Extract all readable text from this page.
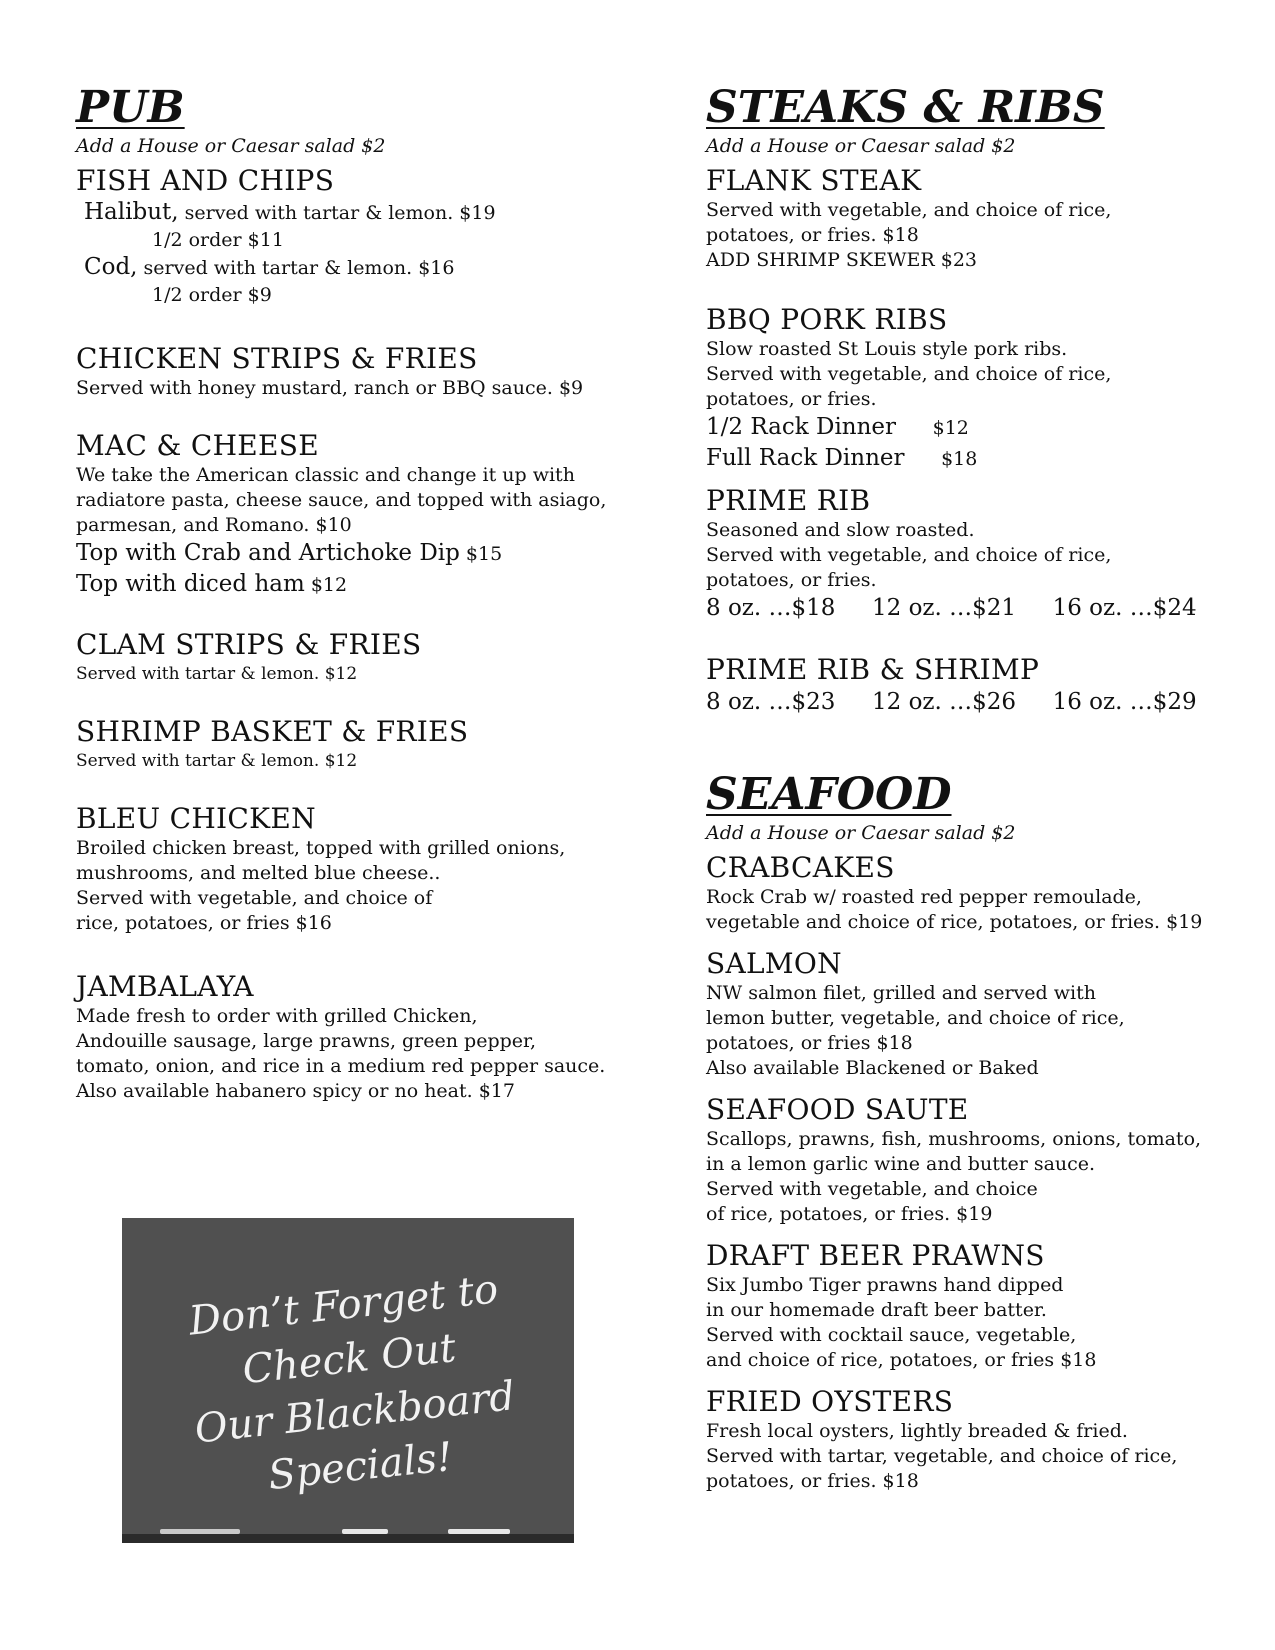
PUB

Add a House or Caesar salad $2

FISH AND CHIPS
Halibut, served with tartar & lemon. $19
1/2 order $11
Cod, served with tartar & lemon. $16
1/2 order $9
CHICKEN STRIPS & FRIES
Served with honey mustard, ranch or BBQ sauce. $9
MAC & CHEESE
We take the American classic and change it up with radiatore pasta, cheese sauce, and topped with asiago, parmesan, and Romano. $10
Top with Crab and Artichoke Dip $15
Top with diced ham $12
CLAM STRIPS & FRIES
Served with tartar & lemon. $12
SHRIMP BASKET & FRIES
Served with tartar & lemon. $12
BLEU CHICKEN
Broiled chicken breast, topped with grilled onions,
mushrooms, and melted blue cheese..
Served with vegetable, and choice of
rice, potatoes, or fries $16
JAMBALAYA
Made fresh to order with grilled Chicken,
Andouille sausage, large prawns, green pepper,
tomato, onion, and rice in a medium red pepper sauce.
Also available habanero spicy or no heat. $17
STEAKS & RIBS

Add a House or Caesar salad $2

FLANK STEAK
Served with vegetable, and choice of rice,
potatoes, or fries. $18
ADD SHRIMP SKEWER $23
BBQ PORK RIBS
Slow roasted St Louis style pork ribs.
Served with vegetable, and choice of rice,
potatoes, or fries.
1/2 Rack Dinner     $12
Full Rack Dinner     $18
PRIME RIB
Seasoned and slow roasted.
Served with vegetable, and choice of rice,
potatoes, or fries.
8 oz. …$18     12 oz. …$21     16 oz. …$24
PRIME RIB & SHRIMP
8 oz. …$23     12 oz. …$26     16 oz. …$29
SEAFOOD

Add a House or Caesar salad $2

CRABCAKES
Rock Crab w/ roasted red pepper remoulade,
vegetable and choice of rice, potatoes, or fries. $19
SALMON
NW salmon filet, grilled and served with
lemon butter, vegetable, and choice of rice,
potatoes, or fries $18
Also available Blackened or Baked
SEAFOOD SAUTE
Scallops, prawns, fish, mushrooms, onions, tomato,
in a lemon garlic wine and butter sauce.
Served with vegetable, and choice
of rice, potatoes, or fries. $19
DRAFT BEER PRAWNS
Six Jumbo Tiger prawns hand dipped
in our homemade draft beer batter.
Served with cocktail sauce, vegetable,
and choice of rice, potatoes, or fries $18
FRIED OYSTERS
Fresh local oysters, lightly breaded & fried.
Served with tartar, vegetable, and choice of rice,
potatoes, or fries. $18
Don’t Forget to
Check Out
Our Blackboard
Specials!
